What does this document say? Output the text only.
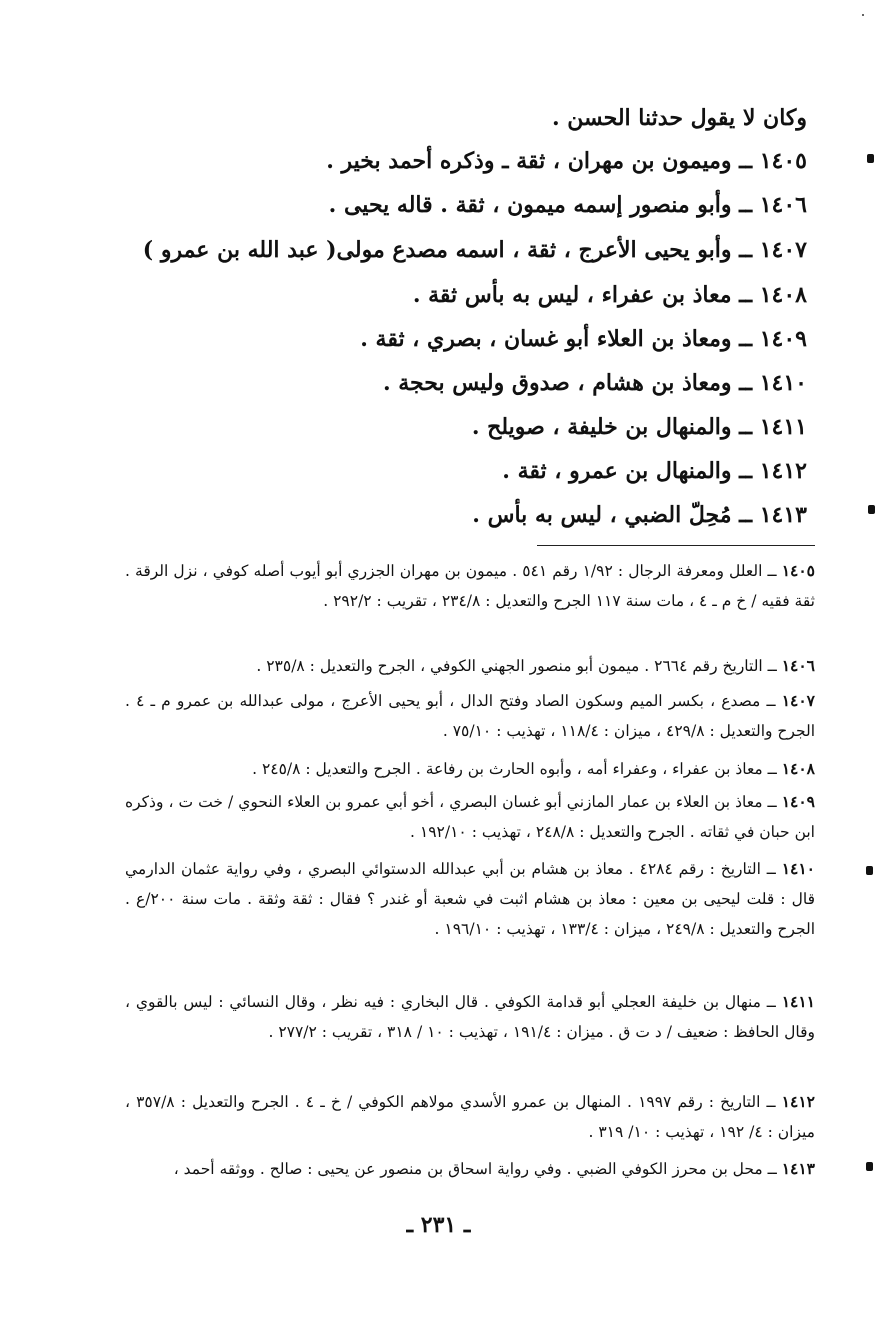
وكان لا يقول حدثنا الحسن .
١٤٠٥ ــ وميمون بن مهران ، ثقة ـ وذكره أحمد بخير .
١٤٠٦ ــ وأبو منصور إسمه ميمون ، ثقة . قاله يحيى .
١٤٠٧ ــ وأبو يحيى الأعرج ، ثقة ، اسمه مصدع مولى( عبد الله بن عمرو )
١٤٠٨ ــ معاذ بن عفراء ، ليس به بأس ثقة .
١٤٠٩ ــ ومعاذ بن العلاء أبو غسان ، بصري ، ثقة .
١٤١٠ ــ ومعاذ بن هشام ، صدوق وليس بحجة .
١٤١١ ــ والمنهال بن خليفة ، صويلح .
١٤١٢ ــ والمنهال بن عمرو ، ثقة .
١٤١٣ ــ مُحِلّ الضبي ، ليس به بأس .
١٤٠٥ ــ العلل ومعرفة الرجال : ١/٩٢ رقم ٥٤١ . ميمون بن مهران الجزري أبو أيوب أصله كوفي ، نزل الرقة . ثقة فقيه / خ م ـ ٤ ، مات سنة ١١٧ الجرح والتعديل : ٢٣٤/٨ ، تقريب : ٢٩٢/٢ .
١٤٠٦ ــ التاريخ رقم ٢٦٦٤ . ميمون أبو منصور الجهني الكوفي ، الجرح والتعديل : ٢٣٥/٨ .
١٤٠٧ ــ مصدع ، بكسر الميم وسكون الصاد وفتح الدال ، أبو يحيى الأعرج ، مولى عبدالله بن عمرو م ـ ٤ . الجرح والتعديل : ٤٢٩/٨ ، ميزان : ١١٨/٤ ، تهذيب : ٧٥/١٠ .
١٤٠٨ ــ معاذ بن عفراء ، وعفراء أمه ، وأبوه الحارث بن رفاعة . الجرح والتعديل : ٢٤٥/٨ .
١٤٠٩ ــ معاذ بن العلاء بن عمار المازني أبو غسان البصري ، أخو أبي عمرو بن العلاء النحوي / خت ت ، وذكره ابن حبان في ثقاته . الجرح والتعديل : ٢٤٨/٨ ، تهذيب : ١٩٢/١٠ .
١٤١٠ ــ التاريخ : رقم ٤٢٨٤ . معاذ بن هشام بن أبي عبدالله الدستوائي البصري ، وفي رواية عثمان الدارمي قال : قلت ليحيى بن معين : معاذ بن هشام اثبت في شعبة أو غندر ؟ فقال : ثقة وثقة . مات سنة ٢٠٠/ع . الجرح والتعديل : ٢٤٩/٨ ، ميزان : ١٣٣/٤ ، تهذيب : ١٩٦/١٠ .
١٤١١ ــ منهال بن خليفة العجلي أبو قدامة الكوفي . قال البخاري : فيه نظر ، وقال النسائي : ليس بالقوي ، وقال الحافظ : ضعيف / د ت ق . ميزان : ١٩١/٤ ، تهذيب : ١٠ / ٣١٨ ، تقريب : ٢٧٧/٢ .
١٤١٢ ــ التاريخ : رقم ١٩٩٧ . المنهال بن عمرو الأسدي مولاهم الكوفي / خ ـ ٤ . الجرح والتعديل : ٣٥٧/٨ ، ميزان : ٤/ ١٩٢ ، تهذيب : ١٠/ ٣١٩ .
١٤١٣ ــ محل بن محرز الكوفي الضبي . وفي رواية اسحاق بن منصور عن يحيى : صالح . ووثقه أحمد ،
ـ ٢٣١ ـ
